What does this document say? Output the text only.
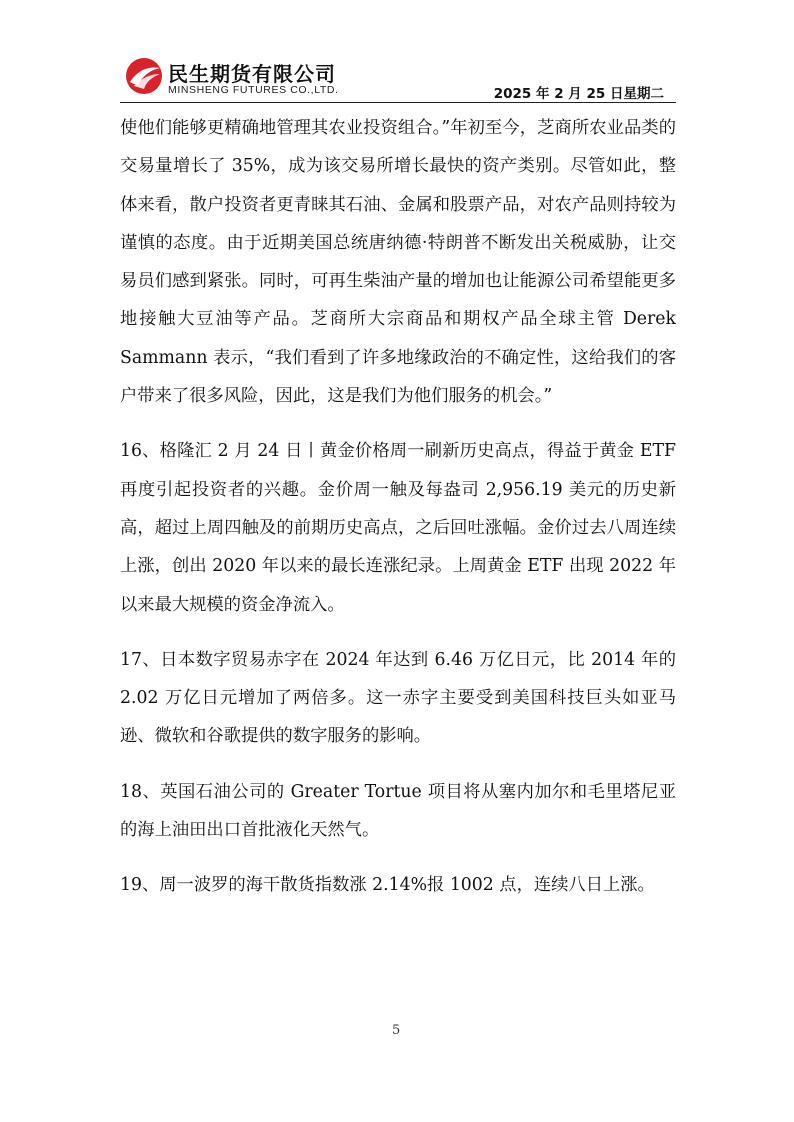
民生期货有限公司
MINSHENG FUTURES CO.,LTD.	2025 年 2 月 25 日星期二

使他们能够更精确地管理其农业投资组合。”年初至今，芝商所农业品类的交易量增长了 35%，成为该交易所增长最快的资产类别。尽管如此，整体来看，散户投资者更青睐其石油、金属和股票产品，对农产品则持较为谨慎的态度。由于近期美国总统唐纳德·特朗普不断发出关税威胁，让交易员们感到紧张。同时，可再生柴油产量的增加也让能源公司希望能更多地接触大豆油等产品。芝商所大宗商品和期权产品全球主管 Derek Sammann 表示，“我们看到了许多地缘政治的不确定性，这给我们的客户带来了很多风险，因此，这是我们为他们服务的机会。”

16、格隆汇 2 月 24 日丨黄金价格周一刷新历史高点，得益于黄金 ETF 再度引起投资者的兴趣。金价周一触及每盎司 2,956.19 美元的历史新高，超过上周四触及的前期历史高点，之后回吐涨幅。金价过去八周连续上涨，创出 2020 年以来的最长连涨纪录。上周黄金 ETF 出现 2022 年以来最大规模的资金净流入。

17、日本数字贸易赤字在 2024 年达到 6.46 万亿日元，比 2014 年的 2.02 万亿日元增加了两倍多。这一赤字主要受到美国科技巨头如亚马逊、微软和谷歌提供的数字服务的影响。

18、英国石油公司的 Greater Tortue 项目将从塞内加尔和毛里塔尼亚的海上油田出口首批液化天然气。

19、周一波罗的海干散货指数涨 2.14%报 1002 点，连续八日上涨。

5
